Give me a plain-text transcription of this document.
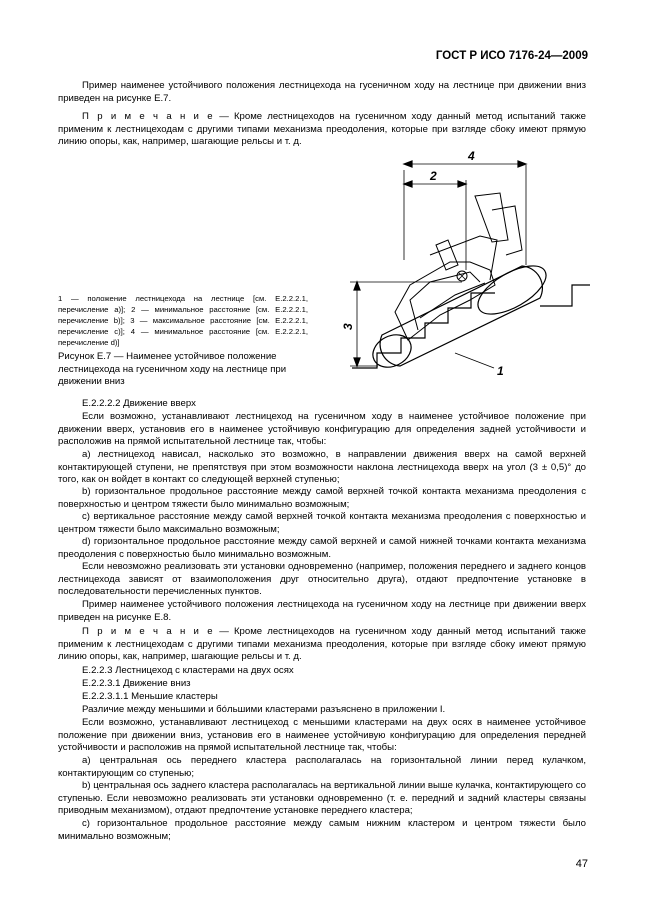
ГОСТ Р ИСО 7176-24—2009
Пример наименее устойчивого положения лестницехода на гусеничном ходу на лестнице при движении вниз приведен на рисунке Е.7.
П р и м е ч а н и е — Кроме лестницеходов на гусеничном ходу данный метод испытаний также применим к лестницеходам с другими типами механизма преодоления, которые при взгляде сбоку имеют прямую линию опоры, как, например, шагающие рельсы и т. д.
4
2
3
1
1 — положение лестницехода на лестнице [см. Е.2.2.2.1, перечисление а)]; 2 — минимальное расстояние [см. Е.2.2.2.1, перечисление b)]; 3 — максимальное расстояние [см. Е.2.2.2.1, перечисление с)]; 4 — минимальное расстояние [см. Е.2.2.2.1, перечисление d)]
Рисунок Е.7 — Наименее устойчивое положение лестницехода на гусеничном ходу на лестнице при движении вниз
Е.2.2.2.2 Движение вверх
Если возможно, устанавливают лестницеход на гусеничном ходу в наименее устойчивое положение при движении вверх, установив его в наименее устойчивую конфигурацию для определения задней устойчивости и расположив на прямой испытательной лестнице так, чтобы:
а) лестницеход нависал, насколько это возможно, в направлении движения вверх на самой верхней контактирующей ступени, не препятствуя при этом возможности наклона лестницехода вверх на угол (3 ± 0,5)° до того, как он войдет в контакт со следующей верхней ступенью;
b) горизонтальное продольное расстояние между самой верхней точкой контакта механизма преодоления с поверхностью и центром тяжести было минимально возможным;
с) вертикальное расстояние между самой верхней точкой контакта механизма преодоления с поверхностью и центром тяжести было максимально возможным;
d) горизонтальное продольное расстояние между самой верхней и самой нижней точками контакта механизма преодоления с поверхностью было минимально возможным.
Если невозможно реализовать эти установки одновременно (например, положения переднего и заднего концов лестницехода зависят от взаимоположения друг относительно друга), отдают предпочтение установке в последовательности перечисленных пунктов.
Пример наименее устойчивого положения лестницехода на гусеничном ходу на лестнице при движении вверх приведен на рисунке Е.8.
П р и м е ч а н и е — Кроме лестницеходов на гусеничном ходу данный метод испытаний также применим к лестницеходам с другими типами механизма преодоления, которые при взгляде сбоку имеют прямую линию опоры, как, например, шагающие рельсы и т. д.
Е.2.2.3 Лестницеход с кластерами на двух осях
Е.2.2.3.1 Движение вниз
Е.2.2.3.1.1 Меньшие кластеры
Различие между меньшими и бóльшими кластерами разъяснено в приложении I.
Если возможно, устанавливают лестницеход с меньшими кластерами на двух осях в наименее устойчивое положение при движении вниз, установив его в наименее устойчивую конфигурацию для определения передней устойчивости и расположив на прямой испытательной лестнице так, чтобы:
а) центральная ось переднего кластера располагалась на горизонтальной линии перед кулачком, контактирующим со ступенью;
b) центральная ось заднего кластера располагалась на вертикальной линии выше кулачка, контактирующего со ступенью. Если невозможно реализовать эти установки одновременно (т. е. передний и задний кластеры связаны приводным механизмом), отдают предпочтение установке переднего кластера;
с) горизонтальное продольное расстояние между самым нижним кластером и центром тяжести было минимально возможным;
47
